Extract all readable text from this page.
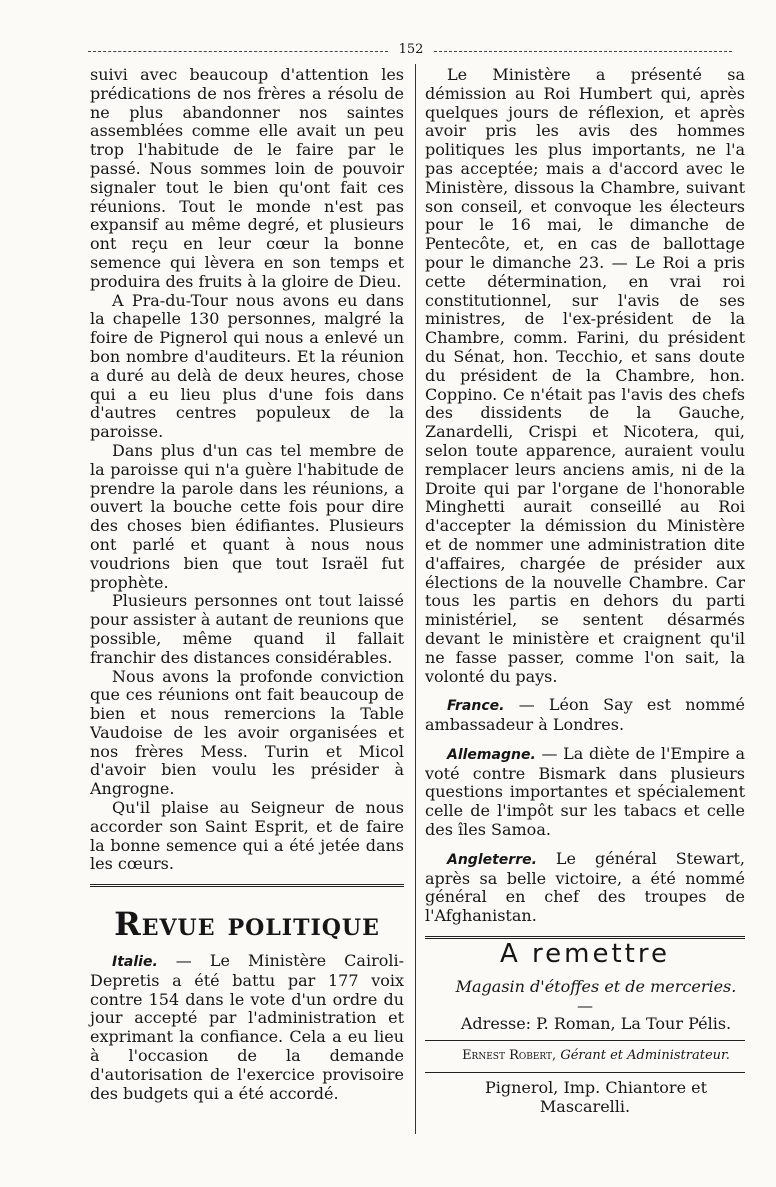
152

suivi avec beaucoup d'attention les prédications de nos frères a résolu de ne plus abandonner nos saintes assemblées comme elle avait un peu trop l'habitude de le faire par le passé. Nous sommes loin de pouvoir signaler tout le bien qu'ont fait ces réunions. Tout le monde n'est pas expansif au même degré, et plusieurs ont reçu en leur cœur la bonne semence qui lèvera en son temps et produira des fruits à la gloire de Dieu.

A Pra-du-Tour nous avons eu dans la chapelle 130 personnes, malgré la foire de Pignerol qui nous a enlevé un bon nombre d'auditeurs. Et la réunion a duré au delà de deux heures, chose qui a eu lieu plus d'une fois dans d'autres centres populeux de la paroisse.

Dans plus d'un cas tel membre de la paroisse qui n'a guère l'habitude de prendre la parole dans les réunions, a ouvert la bouche cette fois pour dire des choses bien édifiantes. Plusieurs ont parlé et quant à nous nous voudrions bien que tout Israël fut prophète.

Plusieurs personnes ont tout laissé pour assister à autant de reunions que possible, même quand il fallait franchir des distances considérables.

Nous avons la profonde conviction que ces réunions ont fait beaucoup de bien et nous remercions la Table Vaudoise de les avoir organisées et nos frères Mess. Turin et Micol d'avoir bien voulu les présider à Angrogne.

Qu'il plaise au Seigneur de nous accorder son Saint Esprit, et de faire la bonne semence qui a été jetée dans les cœurs.

Revue politique

Italie. — Le Ministère Cairoli-Depretis a été battu par 177 voix contre 154 dans le vote d'un ordre du jour accepté par l'administration et exprimant la confiance. Cela a eu lieu à l'occasion de la demande d'autorisation de l'exercice provisoire des budgets qui a été accordé.

Le Ministère a présenté sa démission au Roi Humbert qui, après quelques jours de réflexion, et après avoir pris les avis des hommes politiques les plus importants, ne l'a pas acceptée; mais a d'accord avec le Ministère, dissous la Chambre, suivant son conseil, et convoque les électeurs pour le 16 mai, le dimanche de Pentecôte, et, en cas de ballottage pour le dimanche 23. — Le Roi a pris cette détermination, en vrai roi constitutionnel, sur l'avis de ses ministres, de l'ex-président de la Chambre, comm. Farini, du président du Sénat, hon. Tecchio, et sans doute du président de la Chambre, hon. Coppino. Ce n'était pas l'avis des chefs des dissidents de la Gauche, Zanardelli, Crispi et Nicotera, qui, selon toute apparence, auraient voulu remplacer leurs anciens amis, ni de la Droite qui par l'organe de l'honorable Minghetti aurait conseillé au Roi d'accepter la démission du Ministère et de nommer une administration dite d'affaires, chargée de présider aux élections de la nouvelle Chambre. Car tous les partis en dehors du parti ministériel, se sentent désarmés devant le ministère et craignent qu'il ne fasse passer, comme l'on sait, la volonté du pays.

France. — Léon Say est nommé ambassadeur à Londres.

Allemagne. — La diète de l'Empire a voté contre Bismark dans plusieurs questions importantes et spécialement celle de l'impôt sur les tabacs et celle des îles Samoa.

Angleterre. Le général Stewart, après sa belle victoire, a été nommé général en chef des troupes de l'Afghanistan.

A remettre

Magasin d'étoffes et de merceries. —

Adresse: P. Roman, La Tour Pélis.

Ernest Robert, Gérant et Administrateur.

Pignerol, Imp. Chiantore et Mascarelli.
